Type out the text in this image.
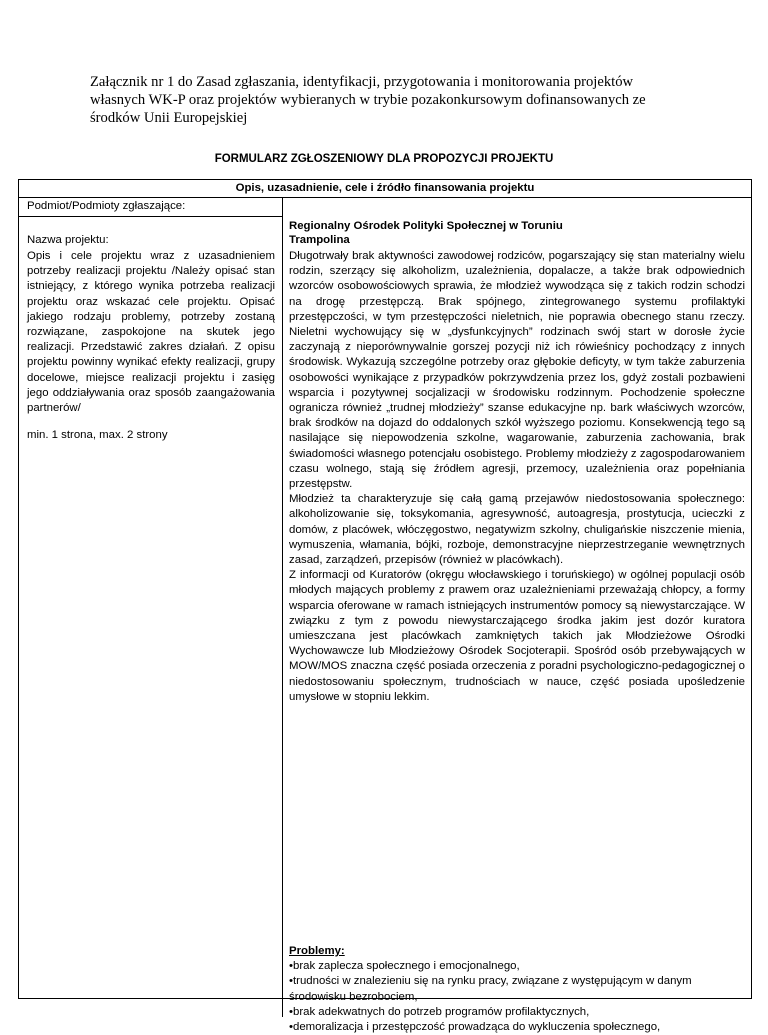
Załącznik nr 1 do Zasad zgłaszania, identyfikacji, przygotowania i monitorowania projektów własnych WK-P oraz projektów wybieranych w trybie pozakonkursowym dofinansowanych ze środków Unii Europejskiej

FORMULARZ ZGŁOSZENIOWY DLA PROPOZYCJI PROJEKTU
Opis, uzasadnienie, cele i źródło finansowania projektu
Podmiot/Podmioty zgłaszające:
Nazwa projektu:

Opis i cele projektu wraz z uzasadnieniem potrzeby realizacji projektu /Należy opisać stan istniejący, z którego wynika potrzeba realizacji projektu oraz wskazać cele projektu. Opisać jakiego rodzaju problemy, potrzeby zostaną rozwiązane, zaspokojone na skutek jego realizacji. Przedstawić zakres działań. Z opisu projektu powinny wynikać efekty realizacji, grupy docelowe, miejsce realizacji projektu i zasięg jego oddziaływania oraz sposób zaangażowania partnerów/

min. 1 strona, max. 2 strony
Regionalny Ośrodek Polityki Społecznej w Toruniu
Trampolina

Długotrwały brak aktywności zawodowej rodziców, pogarszający się stan materialny wielu rodzin, szerzący się alkoholizm, uzależnienia, dopalacze, a także brak odpowiednich wzorców osobowościowych sprawia, że młodzież wywodząca się z takich rodzin schodzi na drogę przestępczą. Brak spójnego, zintegrowanego systemu profilaktyki przestępczości, w tym przestępczości nieletnich, nie poprawia obecnego stanu rzeczy. Nieletni wychowujący się w „dysfunkcyjnych” rodzinach swój start w dorosłe życie zaczynają z nieporównywalnie gorszej pozycji niż ich rówieśnicy pochodzący z innych środowisk. Wykazują szczególne potrzeby oraz głębokie deficyty, w tym także zaburzenia osobowości wynikające z przypadków pokrzywdzenia przez los, gdyż zostali pozbawieni wsparcia i pozytywnej socjalizacji w środowisku rodzinnym. Pochodzenie społeczne ogranicza również „trudnej młodzieży” szanse edukacyjne np. bark właściwych wzorców, brak środków na dojazd do oddalonych szkół wyższego poziomu. Konsekwencją tego są nasilające się niepowodzenia szkolne, wagarowanie, zaburzenia zachowania, brak świadomości własnego potencjału osobistego. Problemy młodzieży z zagospodarowaniem czasu wolnego, stają się źródłem agresji, przemocy, uzależnienia oraz popełniania przestępstw.

Młodzież ta charakteryzuje się całą gamą przejawów niedostosowania społecznego: alkoholizowanie się, toksykomania, agresywność, autoagresja, prostytucja, ucieczki z domów, z placówek, włóczęgostwo, negatywizm szkolny, chuligańskie niszczenie mienia, wymuszenia, włamania, bójki, rozboje, demonstracyjne nieprzestrzeganie wewnętrznych zasad, zarządzeń, przepisów (również w placówkach).

Z informacji od Kuratorów (okręgu włocławskiego i toruńskiego) w ogólnej populacji osób młodych mających problemy z prawem oraz uzależnieniami przeważają chłopcy, a formy wsparcia oferowane w ramach istniejących instrumentów pomocy są niewystarczające. W związku z tym z powodu niewystarczającego środka jakim jest dozór kuratora umieszczana jest placówkach zamkniętych takich jak Młodzieżowe Ośrodki Wychowawcze lub Młodzieżowy Ośrodek Socjoterapii. Spośród osób przebywających w MOW/MOS znaczna część posiada orzeczenia z poradni psychologiczno-pedagogicznej o niedostosowaniu społecznym, trudnościach w nauce, część posiada upośledzenie umysłowe w stopniu lekkim.

Problemy:

•brak zaplecza społecznego i emocjonalnego,

•trudności w znalezieniu się na rynku pracy, związane z występującym w danym środowisku bezrobociem,

•brak adekwatnych do potrzeb programów profilaktycznych,

•demoralizacja i przestępczość prowadząca do wykluczenia społecznego,
